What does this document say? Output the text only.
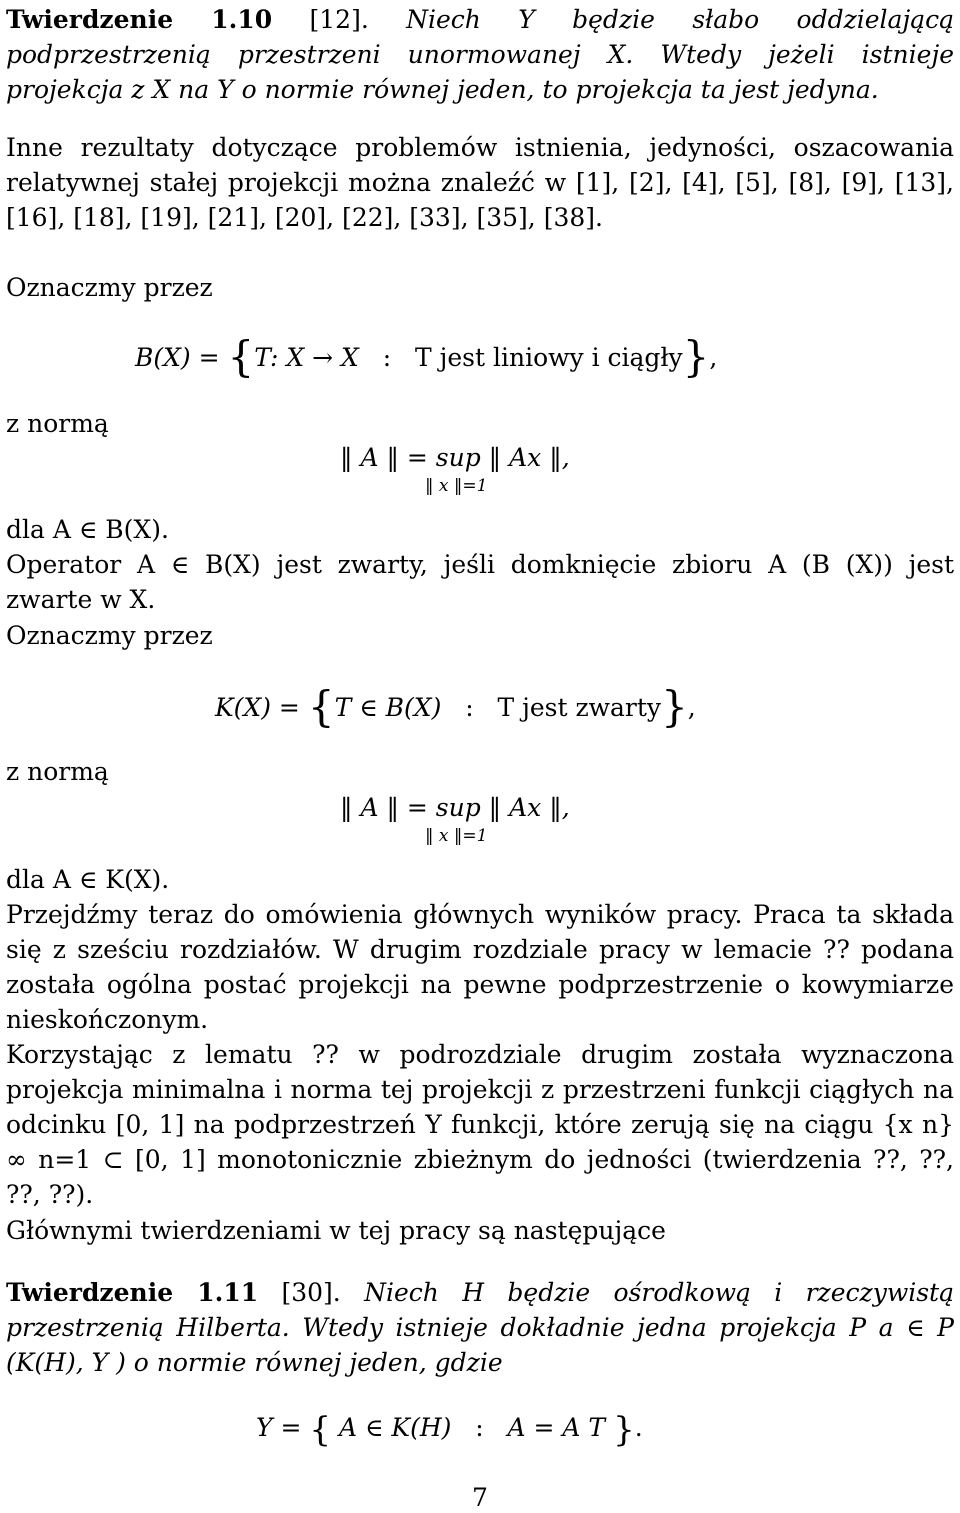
Twierdzenie 1.10 [12]. Niech Y będzie słabo oddzielającą podprzestrzenią przestrzeni unormowanej X. Wtedy jeżeli istnieje projekcja z X na Y o normie równej jeden, to projekcja ta jest jedyna.
Inne rezultaty dotyczące problemów istnienia, jedyności, oszacowania relatywnej stałej projekcji można znaleźć w [1], [2], [4], [5], [8], [9], [13], [16], [18], [19], [21], [20], [22], [33], [35], [38].
Oznaczmy przez
B(X) = {T: X → X : T jest liniowy i ciągły},
z normą
‖ A ‖ = sup ‖ Ax ‖,
‖ x ‖=1
dla A ∈ B(X).
Operator A ∈ B(X) jest zwarty, jeśli domknięcie zbioru A (B (X)) jest zwarte w X.
Oznaczmy przez
K(X) = {T ∈ B(X) : T jest zwarty},
z normą
‖ A ‖ = sup ‖ Ax ‖,
‖ x ‖=1
dla A ∈ K(X).
Przejdźmy teraz do omówienia głównych wyników pracy. Praca ta składa się z sześciu rozdziałów. W drugim rozdziale pracy w lemacie ?? podana została ogólna postać projekcji na pewne podprzestrzenie o kowymiarze nieskończonym.
Korzystając z lematu ?? w podrozdziale drugim została wyznaczona projekcja minimalna i norma tej projekcji z przestrzeni funkcji ciągłych na odcinku [0, 1] na podprzestrzeń Y funkcji, które zerują się na ciągu {x n} ∞ n=1 ⊂ [0, 1] monotonicznie zbieżnym do jedności (twierdzenia ??, ??, ??, ??).
Głównymi twierdzeniami w tej pracy są następujące
Twierdzenie 1.11 [30]. Niech H będzie ośrodkową i rzeczywistą przestrzenią Hilberta. Wtedy istnieje dokładnie jedna projekcja P a ∈ P (K(H), Y ) o normie równej jeden, gdzie
Y = { A ∈ K(H) : A = A T }.
7
